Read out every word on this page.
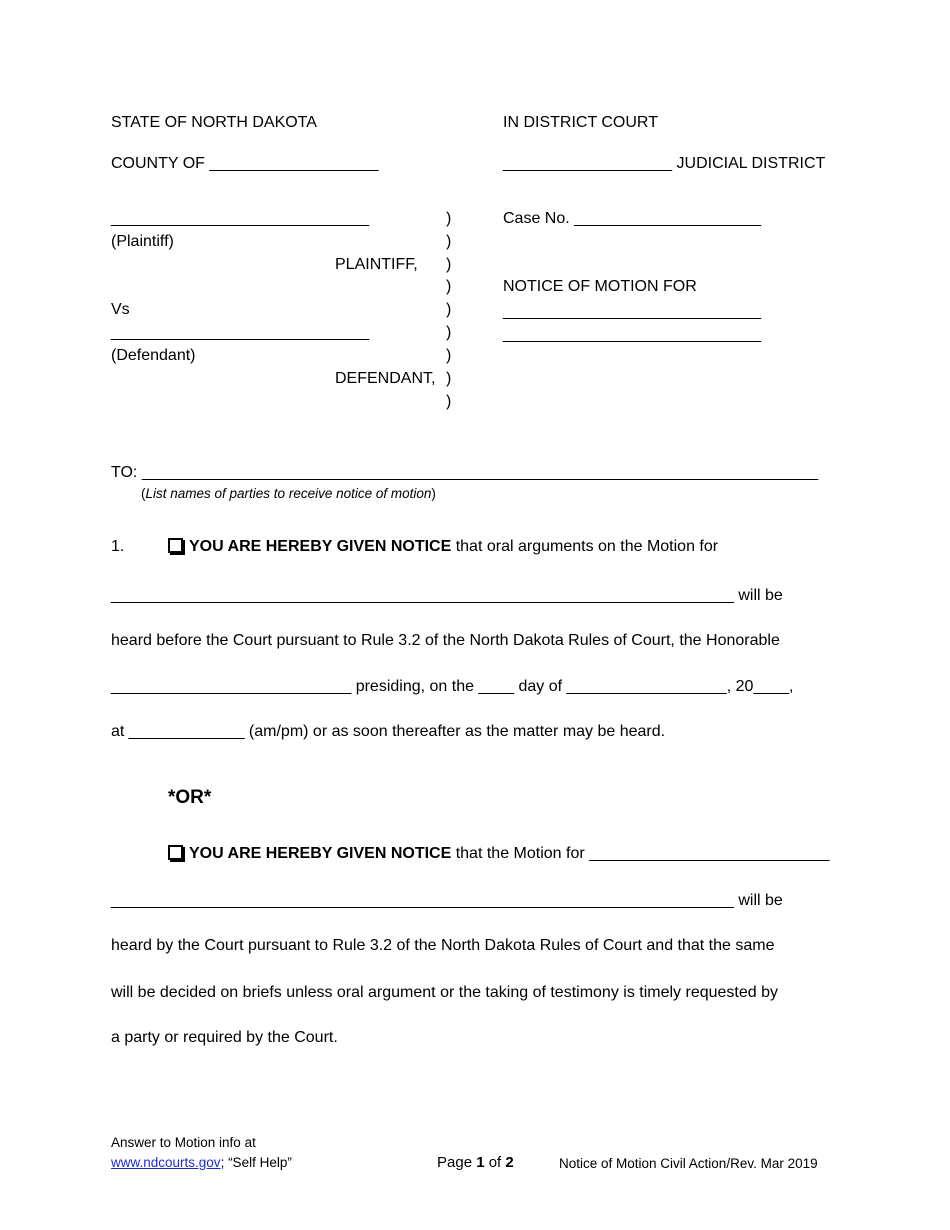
STATE OF NORTH DAKOTA	IN DISTRICT COURT
COUNTY OF ___________________	___________________ JUDICIAL DISTRICT
_____________________________
(Plaintiff)
PLAINTIFF,
Vs
_____________________________
(Defendant)
DEFENDANT,
)
)
)
)
)
)
)
)
)
Case No. _____________________
NOTICE OF MOTION FOR
_____________________________
_____________________________
TO: ____________________________________________________________________________
(List names of parties to receive notice of motion)
1.	YOU ARE HEREBY GIVEN NOTICE that oral arguments on the Motion for
______________________________________________________________________ will be
heard before the Court pursuant to Rule 3.2 of the North Dakota Rules of Court, the Honorable
___________________________ presiding, on the ____ day of __________________, 20____,
at _____________ (am/pm) or as soon thereafter as the matter may be heard.
*OR*
YOU ARE HEREBY GIVEN NOTICE that the Motion for ___________________________
______________________________________________________________________ will be
heard by the Court pursuant to Rule 3.2 of the North Dakota Rules of Court and that the same
will be decided on briefs unless oral argument or the taking of testimony is timely requested by
a party or required by the Court.
Answer to Motion info at
www.ndcourts.gov; “Self Help”	Page 1 of 2	Notice of Motion Civil Action/Rev. Mar 2019
